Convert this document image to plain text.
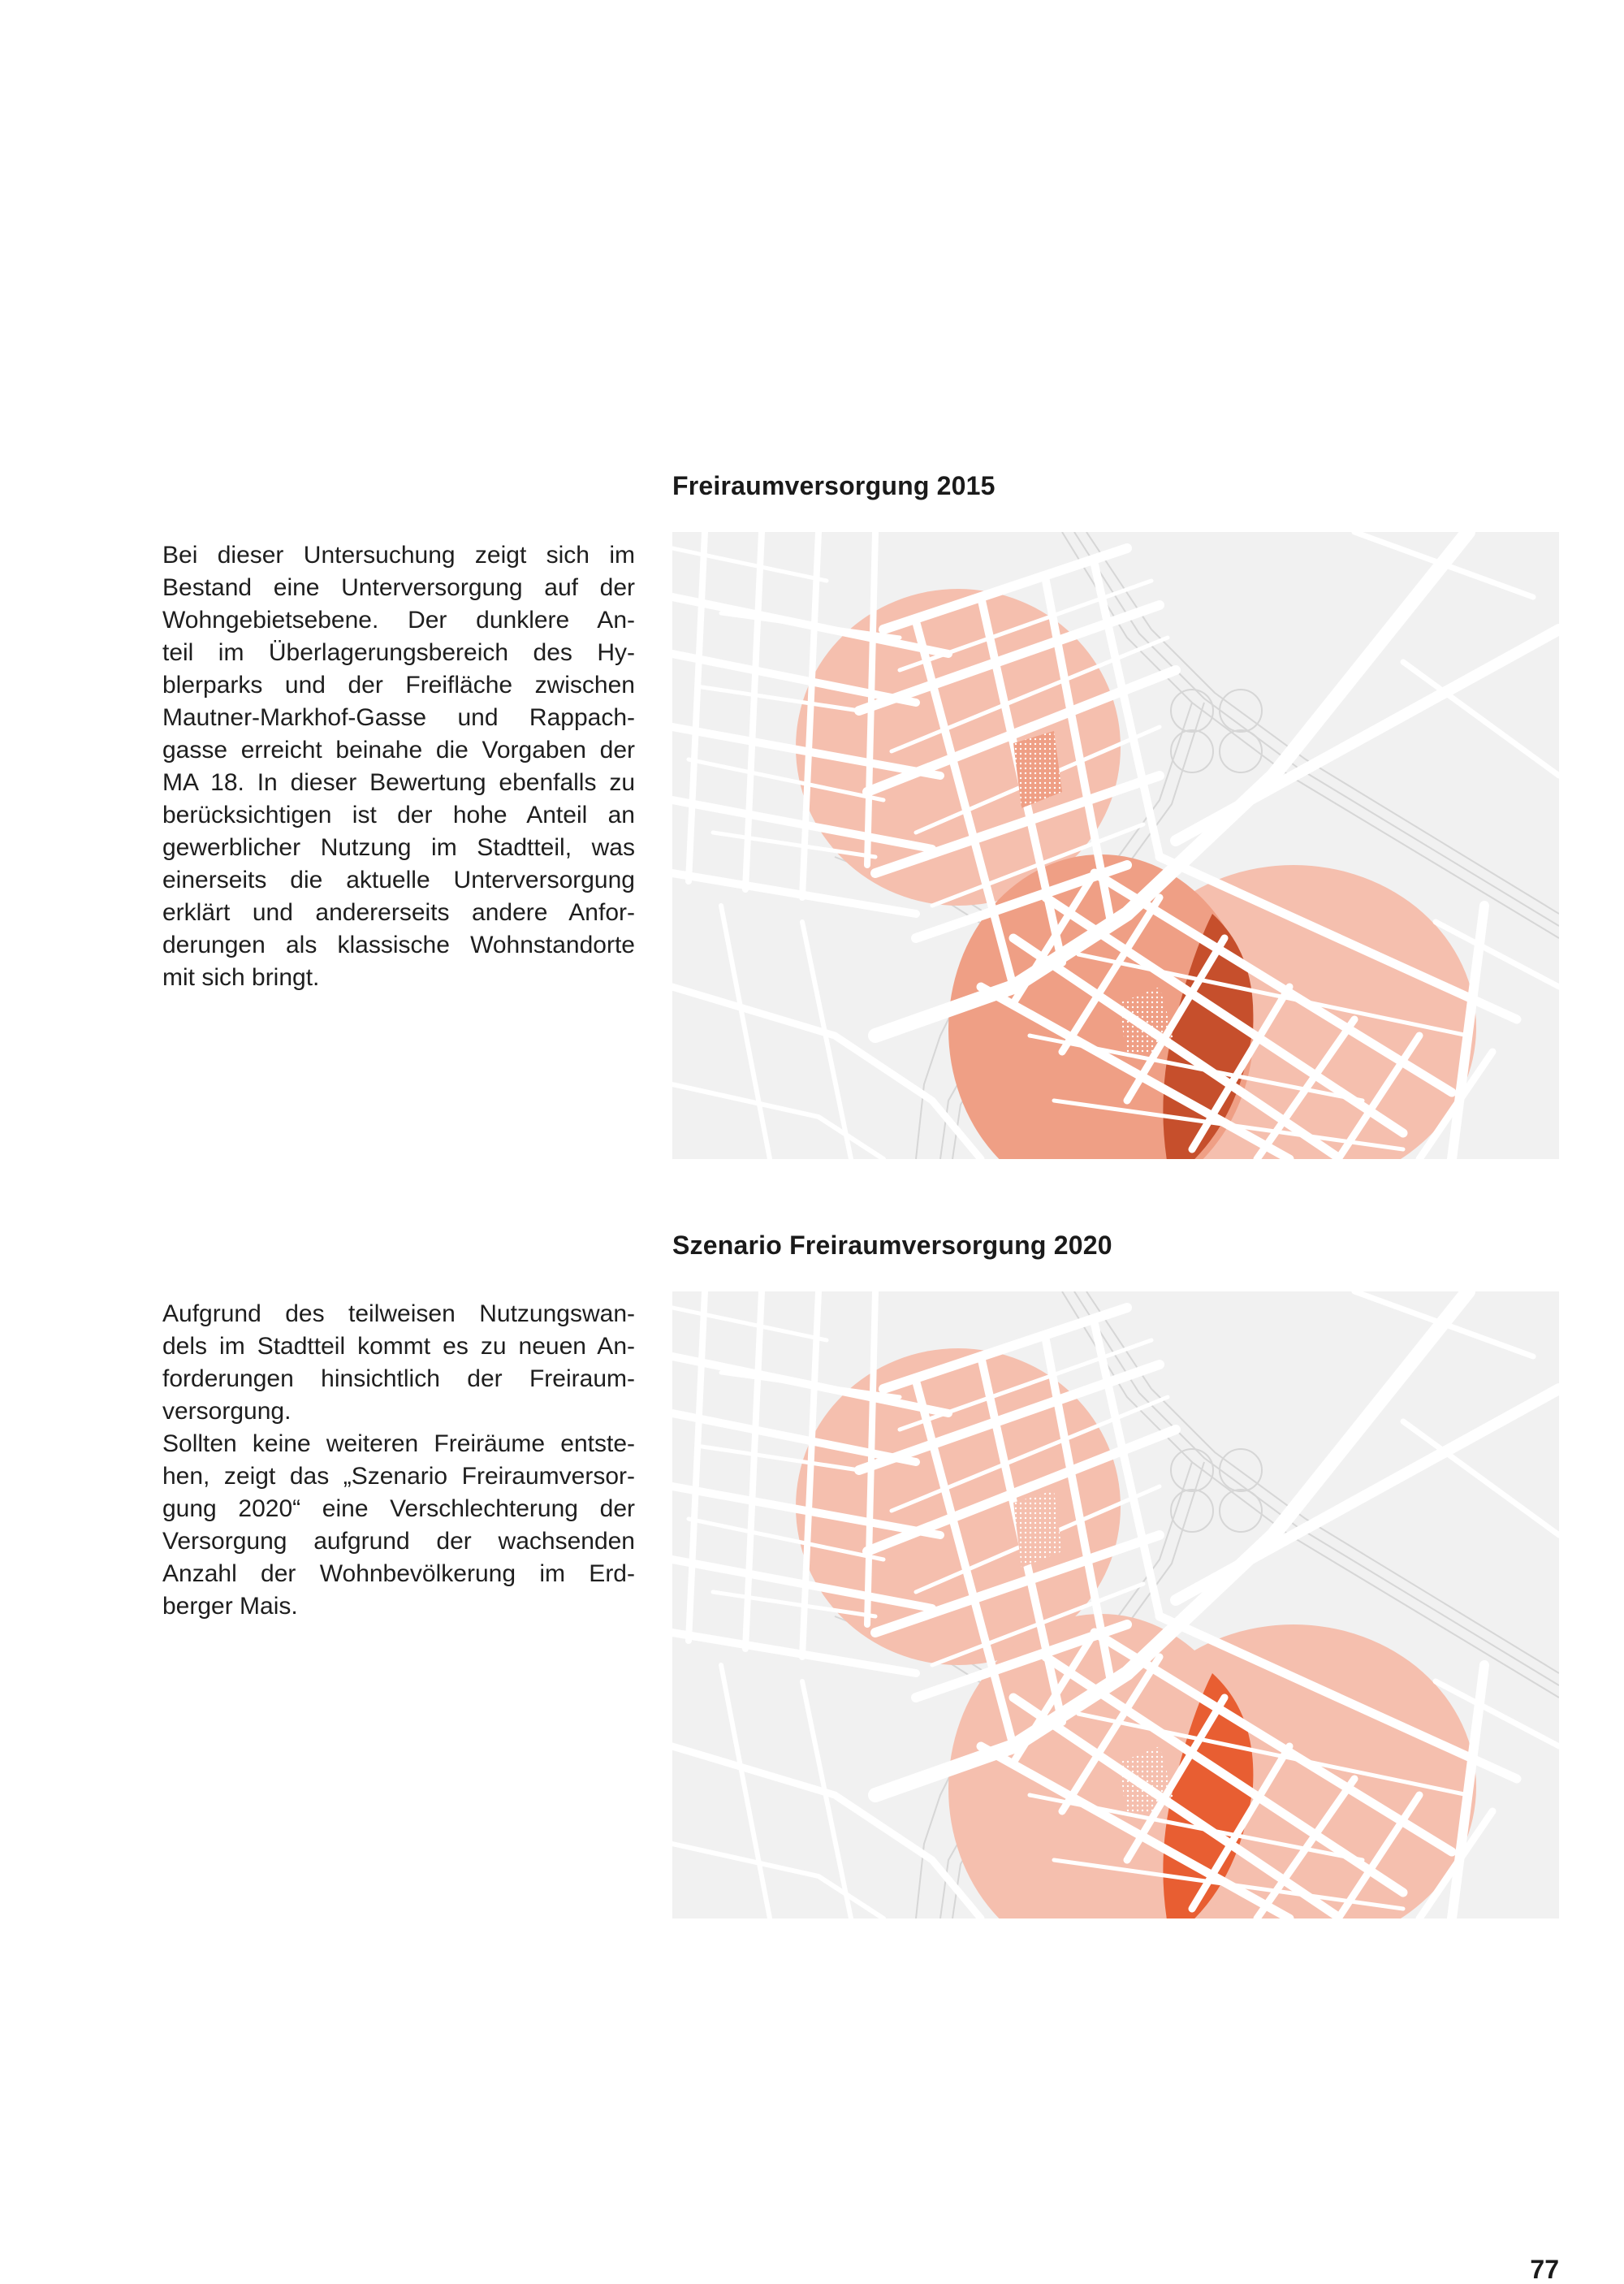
Freiraumversorgung 2015
Bei dieser Untersuchung zeigt sich im
Bestand eine Unterversorgung auf der
Wohngebietsebene. Der dunklere An-
teil im Überlagerungsbereich des Hy-
blerparks und der Freifläche zwischen
Mautner-Markhof-Gasse und Rappach-
gasse erreicht beinahe die Vorgaben der
MA 18. In dieser Bewertung ebenfalls zu
berücksichtigen ist der hohe Anteil an
gewerblicher Nutzung im Stadtteil, was
einerseits die aktuelle Unterversorgung
erklärt und andererseits andere Anfor-
derungen als klassische Wohnstandorte
mit sich bringt.
Szenario Freiraumversorgung 2020
Aufgrund des teilweisen Nutzungswan-
dels im Stadtteil kommt es zu neuen An-
forderungen hinsichtlich der Freiraum-
versorgung.
Sollten keine weiteren Freiräume entste-
hen, zeigt das „Szenario Freiraumversor-
gung 2020“ eine Verschlechterung der
Versorgung aufgrund der wachsenden
Anzahl der Wohnbevölkerung im Erd-
berger Mais.
77
